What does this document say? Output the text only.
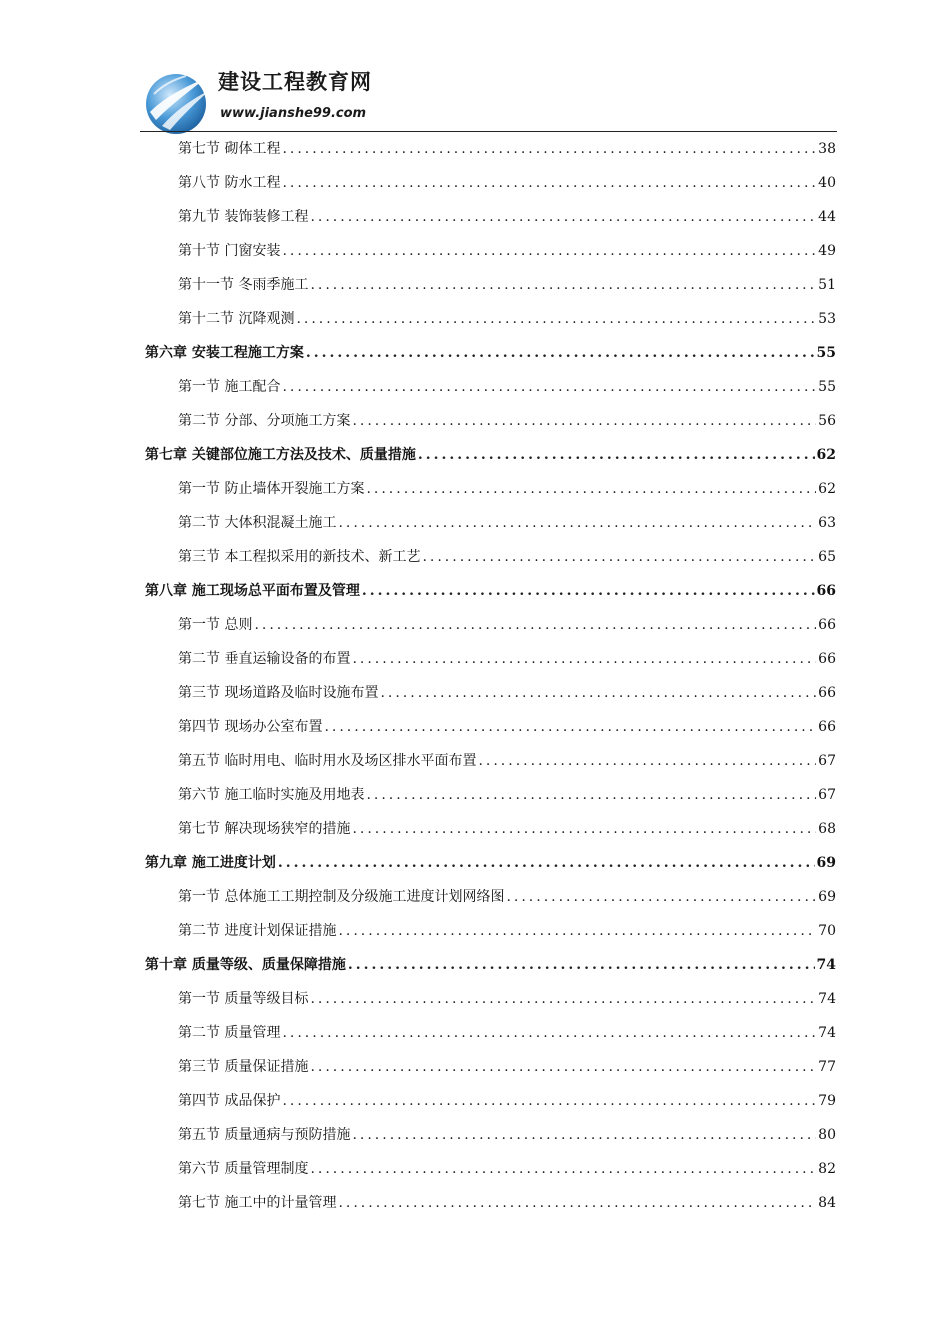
建设工程教育网
www.jianshe99.com
第七节 砌体工程 .....	38
第八节 防水工程 .....	40
第九节 装饰装修工程 .....	44
第十节 门窗安装 .....	49
第十一节 冬雨季施工 .....	51
第十二节 沉降观测 .....	53
第六章 安装工程施工方案 .....	55
第一节 施工配合 .....	55
第二节 分部、分项施工方案 .....	56
第七章 关键部位施工方法及技术、质量措施 .....	62
第一节 防止墙体开裂施工方案 .....	62
第二节 大体积混凝土施工 .....	63
第三节 本工程拟采用的新技术、新工艺 .....	65
第八章 施工现场总平面布置及管理 .....	66
第一节 总则 .....	66
第二节 垂直运输设备的布置 .....	66
第三节 现场道路及临时设施布置 .....	66
第四节 现场办公室布置 .....	66
第五节 临时用电、临时用水及场区排水平面布置 .....	67
第六节 施工临时实施及用地表 .....	67
第七节 解决现场狭窄的措施 .....	68
第九章 施工进度计划 .....	69
第一节 总体施工工期控制及分级施工进度计划网络图 .....	69
第二节 进度计划保证措施 .....	70
第十章 质量等级、质量保障措施 .....	74
第一节 质量等级目标 .....	74
第二节 质量管理 .....	74
第三节 质量保证措施 .....	77
第四节 成品保护 .....	79
第五节 质量通病与预防措施 .....	80
第六节 质量管理制度 .....	82
第七节 施工中的计量管理 .....	84
